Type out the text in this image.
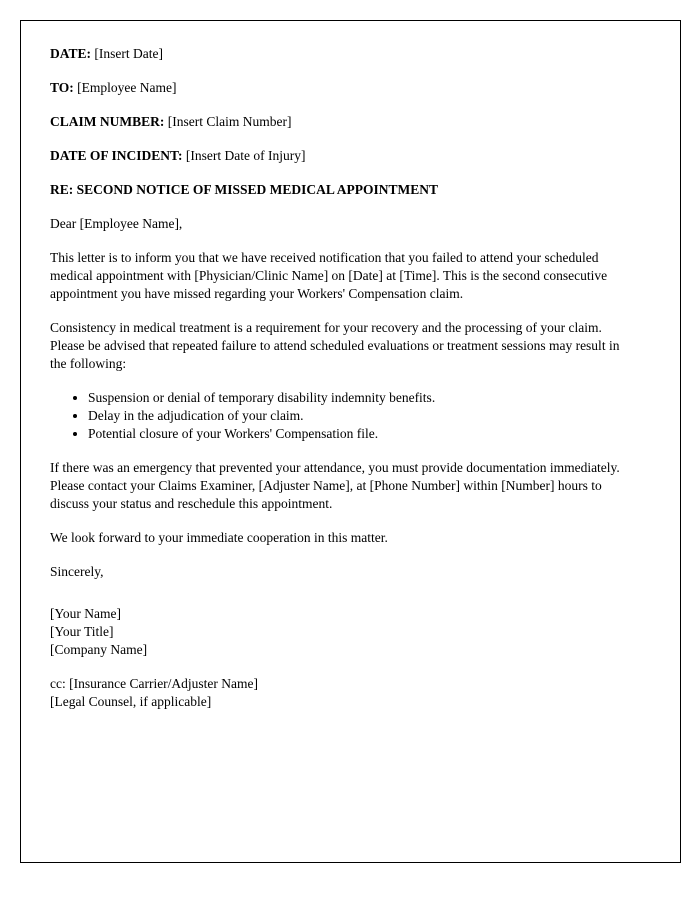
DATE: [Insert Date]
TO: [Employee Name]
CLAIM NUMBER: [Insert Claim Number]
DATE OF INCIDENT: [Insert Date of Injury]
RE: SECOND NOTICE OF MISSED MEDICAL APPOINTMENT
Dear [Employee Name],

This letter is to inform you that we have received notification that you failed to attend your scheduled medical appointment with [Physician/Clinic Name] on [Date] at [Time]. This is the second consecutive appointment you have missed regarding your Workers' Compensation claim.

Consistency in medical treatment is a requirement for your recovery and the processing of your claim. Please be advised that repeated failure to attend scheduled evaluations or treatment sessions may result in the following:

• Suspension or denial of temporary disability indemnity benefits.
• Delay in the adjudication of your claim.
• Potential closure of your Workers' Compensation file.

If there was an emergency that prevented your attendance, you must provide documentation immediately. Please contact your Claims Examiner, [Adjuster Name], at [Phone Number] within [Number] hours to discuss your status and reschedule this appointment.

We look forward to your immediate cooperation in this matter.

Sincerely,
[Your Name]
[Your Title]
[Company Name]
cc: [Insurance Carrier/Adjuster Name]
[Legal Counsel, if applicable]
